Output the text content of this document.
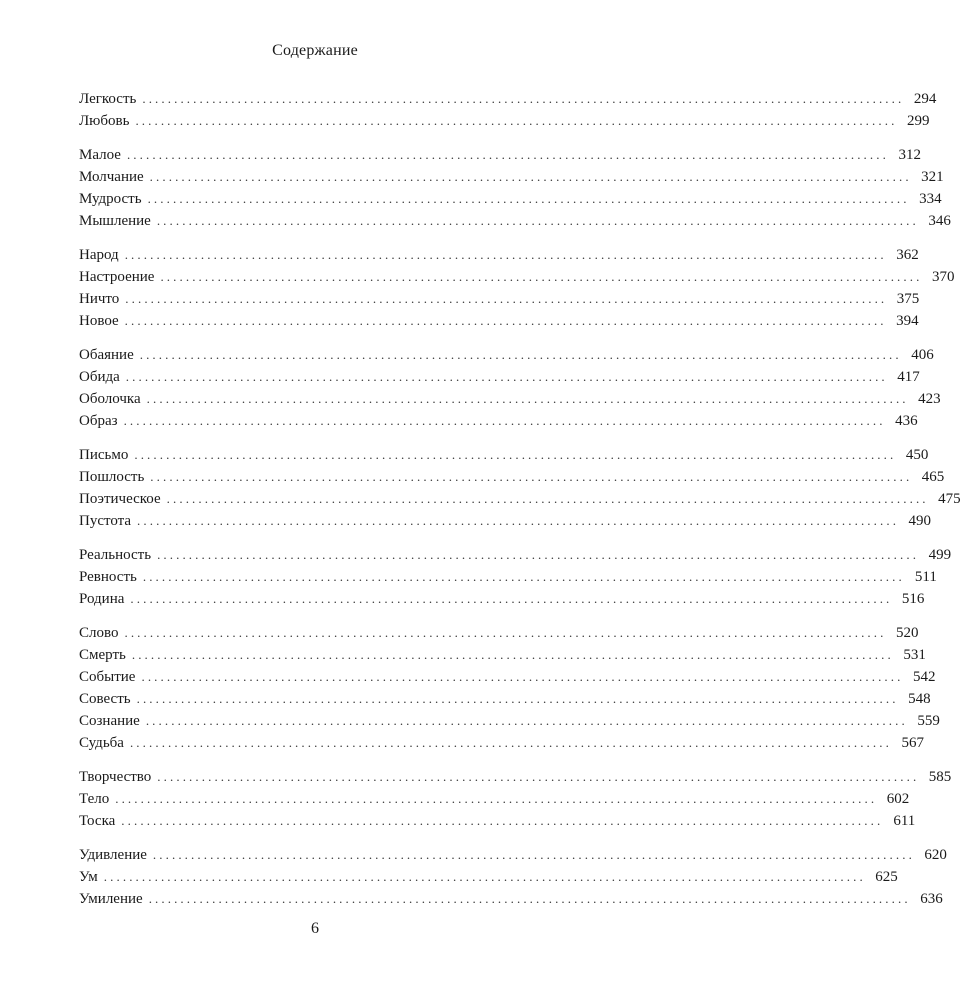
Содержание
Легкость ........................................................................................................................ 294
Любовь ........................................................................................................................ 299
Малое ........................................................................................................................ 312
Молчание ........................................................................................................................ 321
Мудрость ........................................................................................................................ 334
Мышление ........................................................................................................................ 346
Народ ........................................................................................................................ 362
Настроение ........................................................................................................................ 370
Ничто ........................................................................................................................ 375
Новое ........................................................................................................................ 394
Обаяние ........................................................................................................................ 406
Обида ........................................................................................................................ 417
Оболочка ........................................................................................................................ 423
Образ ........................................................................................................................ 436
Письмо ........................................................................................................................ 450
Пошлость ........................................................................................................................ 465
Поэтическое ........................................................................................................................ 475
Пустота ........................................................................................................................ 490
Реальность ........................................................................................................................ 499
Ревность ........................................................................................................................ 511
Родина ........................................................................................................................ 516
Слово ........................................................................................................................ 520
Смерть ........................................................................................................................ 531
Событие ........................................................................................................................ 542
Совесть ........................................................................................................................ 548
Сознание ........................................................................................................................ 559
Судьба ........................................................................................................................ 567
Творчество ........................................................................................................................ 585
Тело ........................................................................................................................ 602
Тоска ........................................................................................................................ 611
Удивление ........................................................................................................................ 620
Ум ........................................................................................................................ 625
Умиление ........................................................................................................................ 636
6
